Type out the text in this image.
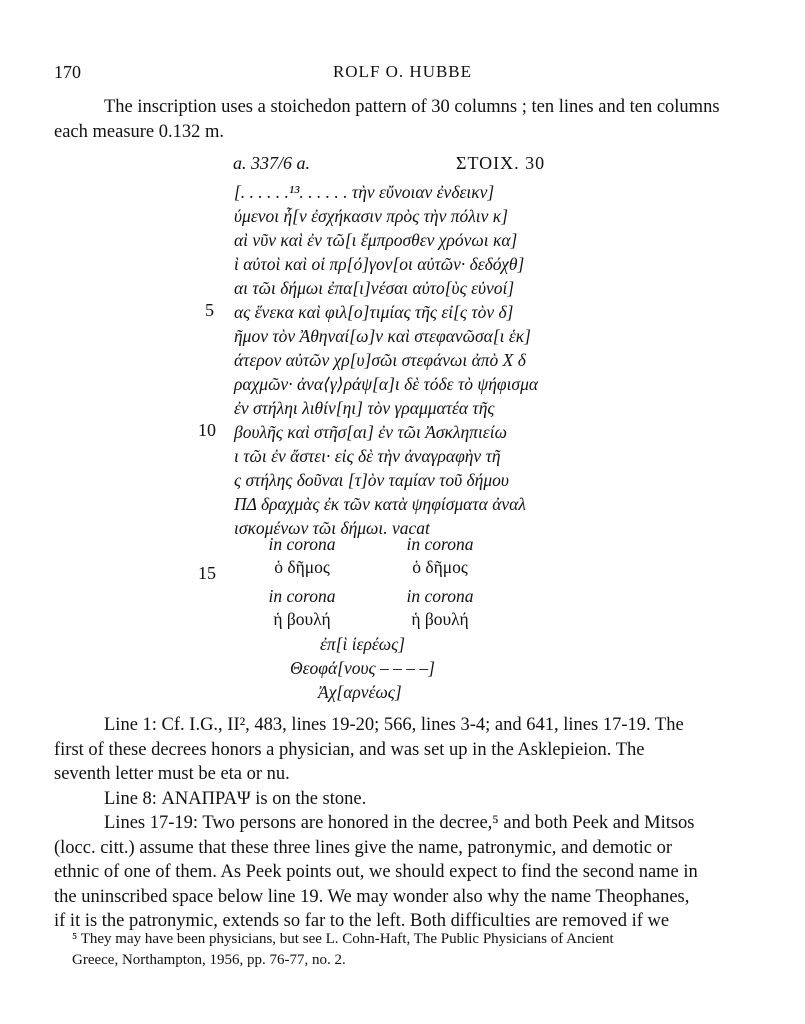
170	ROLF O. HUBBE
The inscription uses a stoichedon pattern of 30 columns ; ten lines and ten columns
each measure 0.132 m.
a. 337/6 a.	ΣΤΟΙΧ. 30
[. . . . . .¹³. . . . . . τὴν εὔνοιαν ἐνδεικν]
ύμενοι ἧ[ν ἐσχήκασιν πρὸς τὴν πόλιν κ]
αὶ νῦν καὶ ἐν τῶ[ι ἔμπροσθεν χρόνωι κα]
ὶ αὐτοὶ καὶ οἱ πρ[ό]γον[οι αὐτῶν· δεδόχθ]
αι τῶι δήμωι ἐπα[ι]νέσαι αὐτο[ὺς εὐνοί]
ας ἕνεκα καὶ φιλ[ο]τιμίας τῆς εἰ[ς τὸν δ]
ῆμον τὸν Ἀθηναί[ω]ν καὶ στεφανῶσα[ι ἑκ]
άτερον αὐτῶν χρ[υ]σῶι στεφάνωι ἀπὸ Χ δ
ραχμῶν· ἀνα⟨γ⟩ράψ[α]ι δὲ τόδε τὸ ψήφισμα
ἐν στήληι λιθίν[ηι] τὸν γραμματέα τῆς
βουλῆς καὶ στῆσ[αι] ἐν τῶι Ἀσκληπιείω
ι τῶι ἐν ἄστει· εἰς δὲ τὴν ἀναγραφὴν τῆ
ς στήλης δοῦναι [τ]ὸν ταμίαν τοῦ δήμου
ΠΔ δραχμὰς ἐκ τῶν κατὰ ψηφίσματα ἀναλ
ισκομένων τῶι δήμωι. vacat
5
10
15
in corona
ὁ δῆμος
in corona
ὁ δῆμος
in corona
ἡ βουλή
in corona
ἡ βουλή
ἐπ[ὶ ἱερέως]
Θεοφά[νους – – – –]
Ἀχ[αρνέως]
Line 1: Cf. I.G., II², 483, lines 19-20; 566, lines 3-4; and 641, lines 17-19. The
first of these decrees honors a physician, and was set up in the Asklepieion. The
seventh letter must be eta or nu.
Line 8: ΑΝΑΠΡΑΨ is on the stone.
Lines 17-19: Two persons are honored in the decree,⁵ and both Peek and Mitsos
(locc. citt.) assume that these three lines give the name, patronymic, and demotic or
ethnic of one of them. As Peek points out, we should expect to find the second name in
the uninscribed space below line 19. We may wonder also why the name Theophanes,
if it is the patronymic, extends so far to the left. Both difficulties are removed if we
⁵ They may have been physicians, but see L. Cohn-Haft, The Public Physicians of Ancient
Greece, Northampton, 1956, pp. 76-77, no. 2.
